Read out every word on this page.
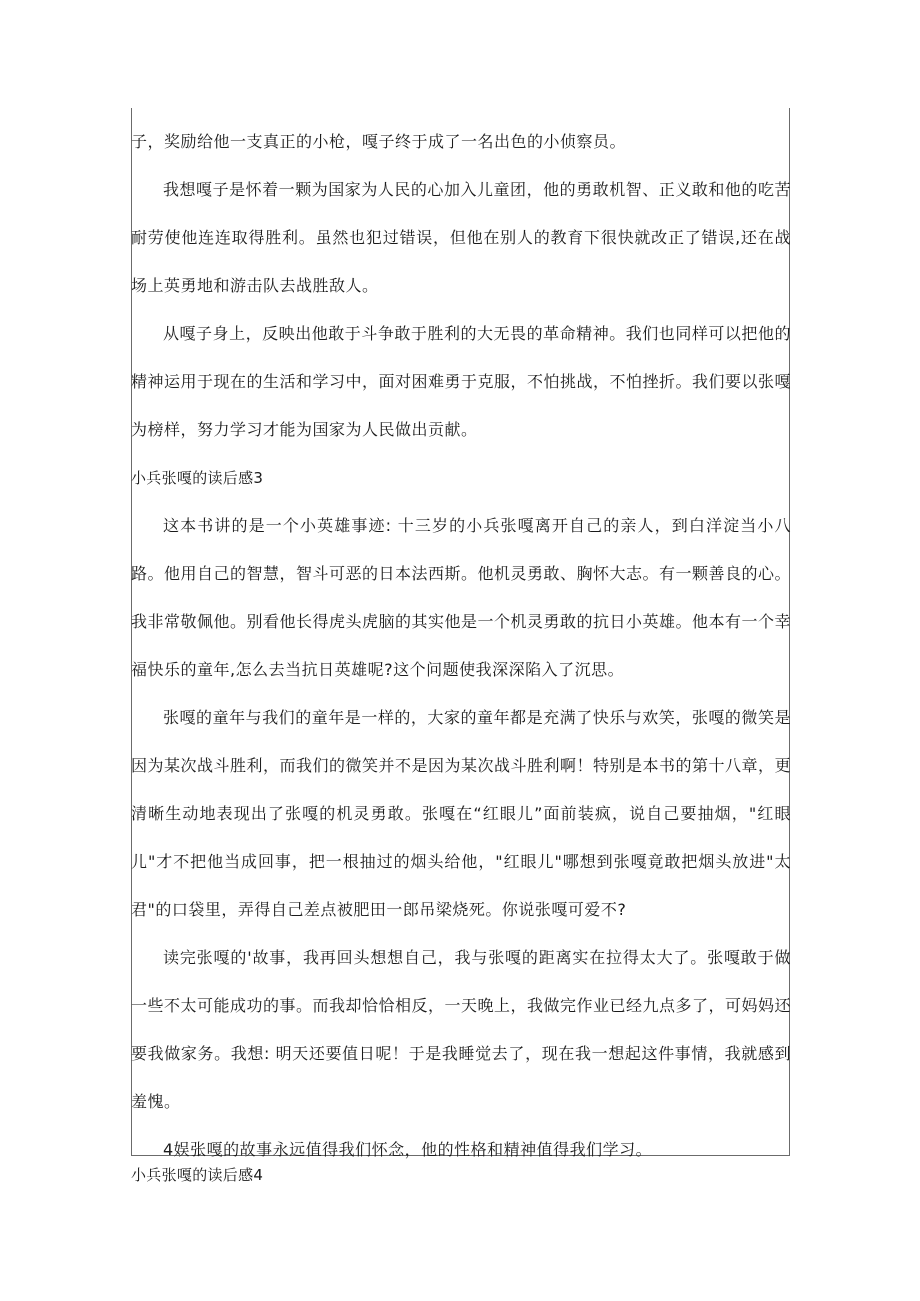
子，奖励给他一支真正的小枪，嘎子终于成了一名出色的小侦察员。

我想嘎子是怀着一颗为国家为人民的心加入儿童团，他的勇敢机智、正义敢和他的吃苦耐劳使他连连取得胜利。虽然也犯过错误，但他在别人的教育下很快就改正了错误,还在战场上英勇地和游击队去战胜敌人。

从嘎子身上，反映出他敢于斗争敢于胜利的大无畏的革命精神。我们也同样可以把他的精神运用于现在的生活和学习中，面对困难勇于克服，不怕挑战，不怕挫折。我们要以张嘎为榜样，努力学习才能为国家为人民做出贡献。

小兵张嘎的读后感3

这本书讲的是一个小英雄事迹: 十三岁的小兵张嘎离开自己的亲人，到白洋淀当小八路。他用自己的智慧，智斗可恶的日本法西斯。他机灵勇敢、胸怀大志。有一颗善良的心。我非常敬佩他。别看他长得虎头虎脑的其实他是一个机灵勇敢的抗日小英雄。他本有一个幸福快乐的童年,怎么去当抗日英雄呢?这个问题使我深深陷入了沉思。

张嘎的童年与我们的童年是一样的，大家的童年都是充满了快乐与欢笑，张嘎的微笑是因为某次战斗胜利，而我们的微笑并不是因为某次战斗胜利啊！特别是本书的第十八章，更清晰生动地表现出了张嘎的机灵勇敢。张嘎在“红眼儿”面前装疯，说自己要抽烟，"红眼儿"才不把他当成回事，把一根抽过的烟头给他，"红眼儿"哪想到张嘎竟敢把烟头放进"太君"的口袋里，弄得自己差点被肥田一郎吊梁烧死。你说张嘎可爱不?

读完张嘎的'故事，我再回头想想自己，我与张嘎的距离实在拉得太大了。张嘎敢于做一些不太可能成功的事。而我却恰恰相反，一天晚上，我做完作业已经九点多了，可妈妈还要我做家务。我想: 明天还要值日呢！于是我睡觉去了，现在我一想起这件事情，我就感到羞愧。

4娱张嘎的故事永远值得我们怀念，他的性格和精神值得我们学习。

小兵张嘎的读后感4
